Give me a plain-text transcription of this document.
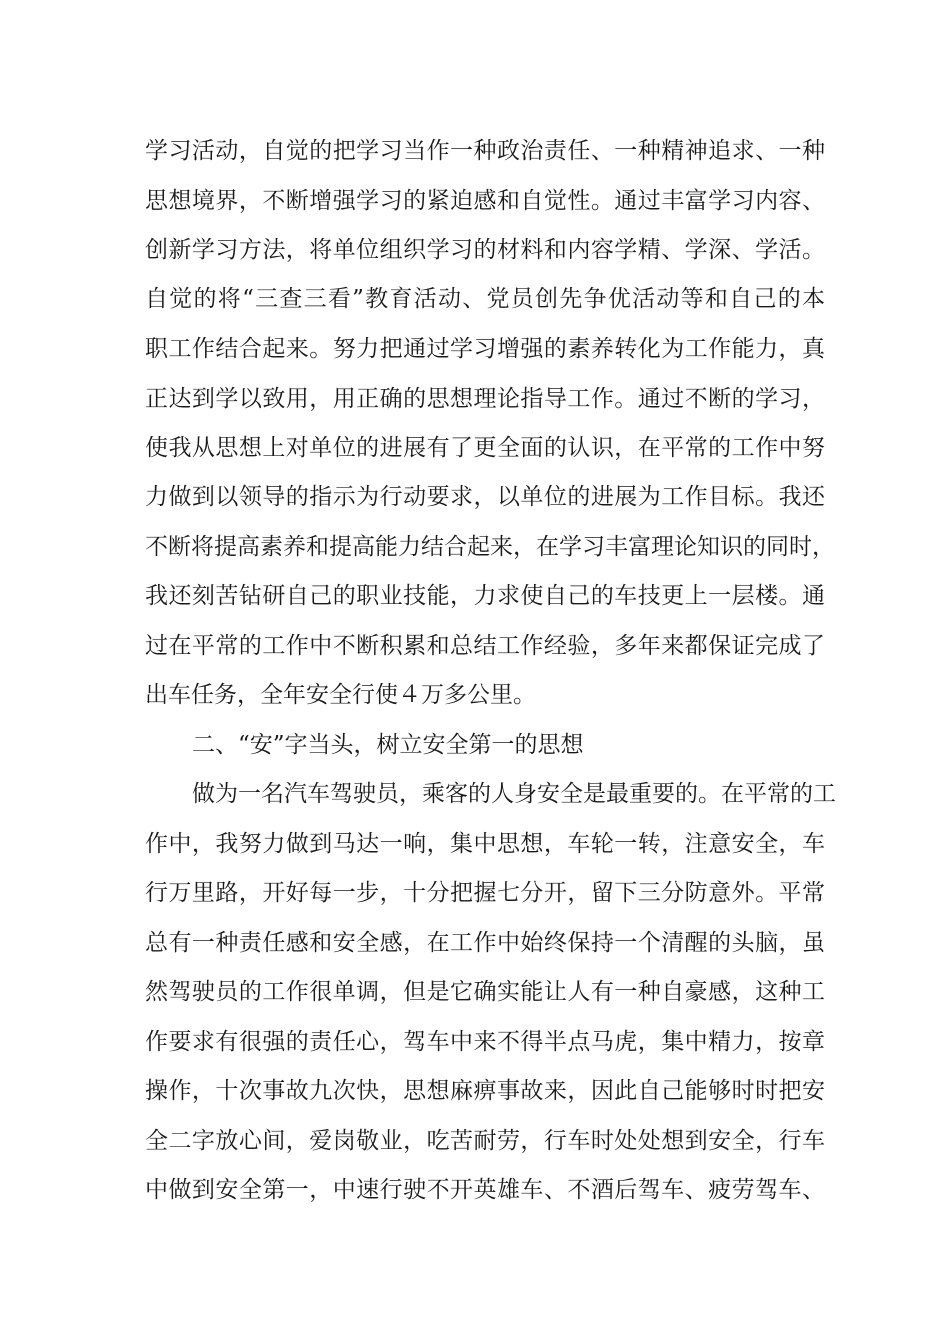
学习活动，自觉的把学习当作一种政治责任、一种精神追求、一种
思想境界，不断增强学习的紧迫感和自觉性。通过丰富学习内容、
创新学习方法，将单位组织学习的材料和内容学精、学深、学活。
自觉的将“三查三看”教育活动、党员创先争优活动等和自己的本
职工作结合起来。努力把通过学习增强的素养转化为工作能力，真
正达到学以致用，用正确的思想理论指导工作。通过不断的学习，
使我从思想上对单位的进展有了更全面的认识，在平常的工作中努
力做到以领导的指示为行动要求，以单位的进展为工作目标。我还
不断将提高素养和提高能力结合起来，在学习丰富理论知识的同时，
我还刻苦钻研自己的职业技能，力求使自己的车技更上一层楼。通
过在平常的工作中不断积累和总结工作经验，多年来都保证完成了
出车任务，全年安全行使４万多公里。
二、“安”字当头，树立安全第一的思想
做为一名汽车驾驶员，乘客的人身安全是最重要的。在平常的工
作中，我努力做到马达一响，集中思想，车轮一转，注意安全，车
行万里路，开好每一步，十分把握七分开，留下三分防意外。平常
总有一种责任感和安全感，在工作中始终保持一个清醒的头脑，虽
然驾驶员的工作很单调，但是它确实能让人有一种自豪感，这种工
作要求有很强的责任心，驾车中来不得半点马虎，集中精力，按章
操作，十次事故九次快，思想麻痹事故来，因此自己能够时时把安
全二字放心间，爱岗敬业，吃苦耐劳，行车时处处想到安全，行车
中做到安全第一，中速行驶不开英雄车、不酒后驾车、疲劳驾车、
